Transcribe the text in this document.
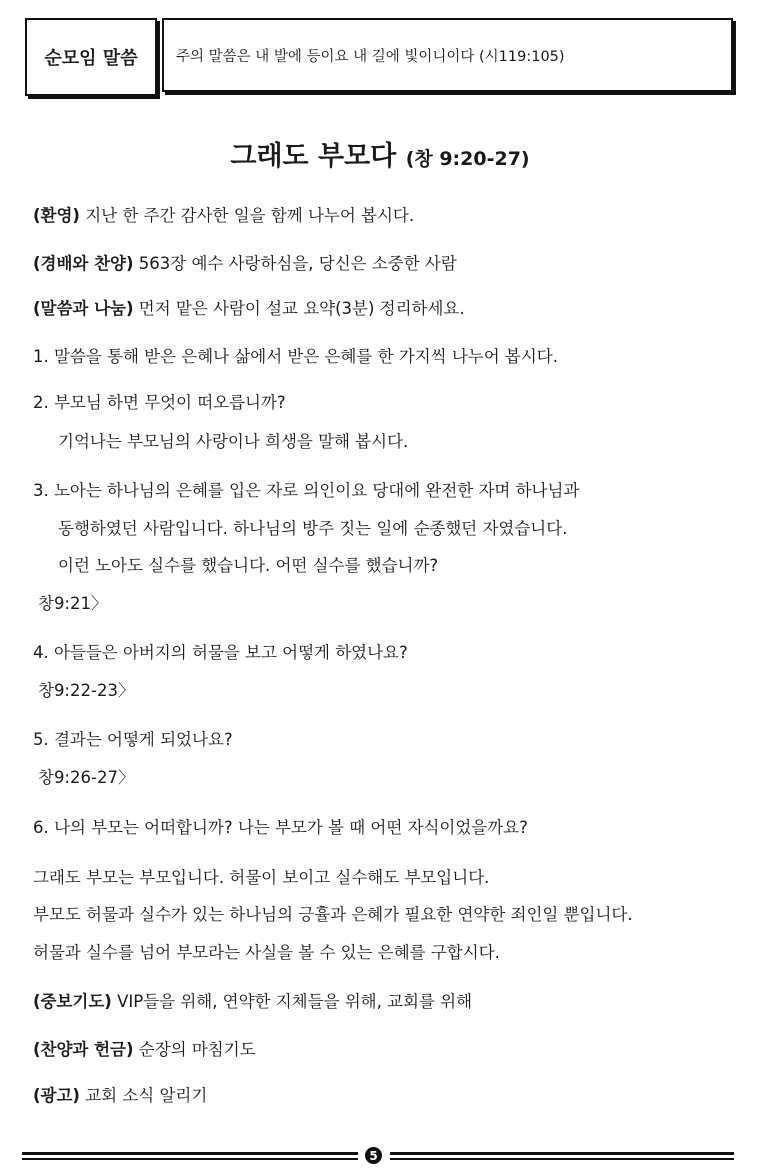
순모임 말씀	주의 말씀은 내 발에 등이요 내 길에 빛이니이다 (시119:105)
그래도 부모다 (창 9:20-27)
(환영) 지난 한 주간 감사한 일을 함께 나누어 봅시다.
(경배와 찬양) 563장 예수 사랑하심을, 당신은 소중한 사람
(말씀과 나눔) 먼저 맡은 사람이 설교 요약(3분) 정리하세요.
1. 말씀을 통해 받은 은혜나 삶에서 받은 은혜를 한 가지씩 나누어 봅시다.
2. 부모님 하면 무엇이 떠오릅니까?
기억나는 부모님의 사랑이나 희생을 말해 봅시다.
3. 노아는 하나님의 은혜를 입은 자로 의인이요 당대에 완전한 자며 하나님과
동행하였던 사람입니다. 하나님의 방주 짓는 일에 순종했던 자였습니다.
이런 노아도 실수를 했습니다. 어떤 실수를 했습니까?
창9:21〉
4. 아들들은 아버지의 허물을 보고 어떻게 하였나요?
창9:22-23〉
5. 결과는 어떻게 되었나요?
창9:26-27〉
6. 나의 부모는 어떠합니까? 나는 부모가 볼 때 어떤 자식이었을까요?
그래도 부모는 부모입니다. 허물이 보이고 실수해도 부모입니다.
부모도 허물과 실수가 있는 하나님의 긍휼과 은혜가 필요한 연약한 죄인일 뿐입니다.
허물과 실수를 넘어 부모라는 사실을 볼 수 있는 은혜를 구합시다.
(중보기도) VIP들을 위해, 연약한 지체들을 위해, 교회를 위해
(찬양과 헌금) 순장의 마침기도
(광고) 교회 소식 알리기
5
